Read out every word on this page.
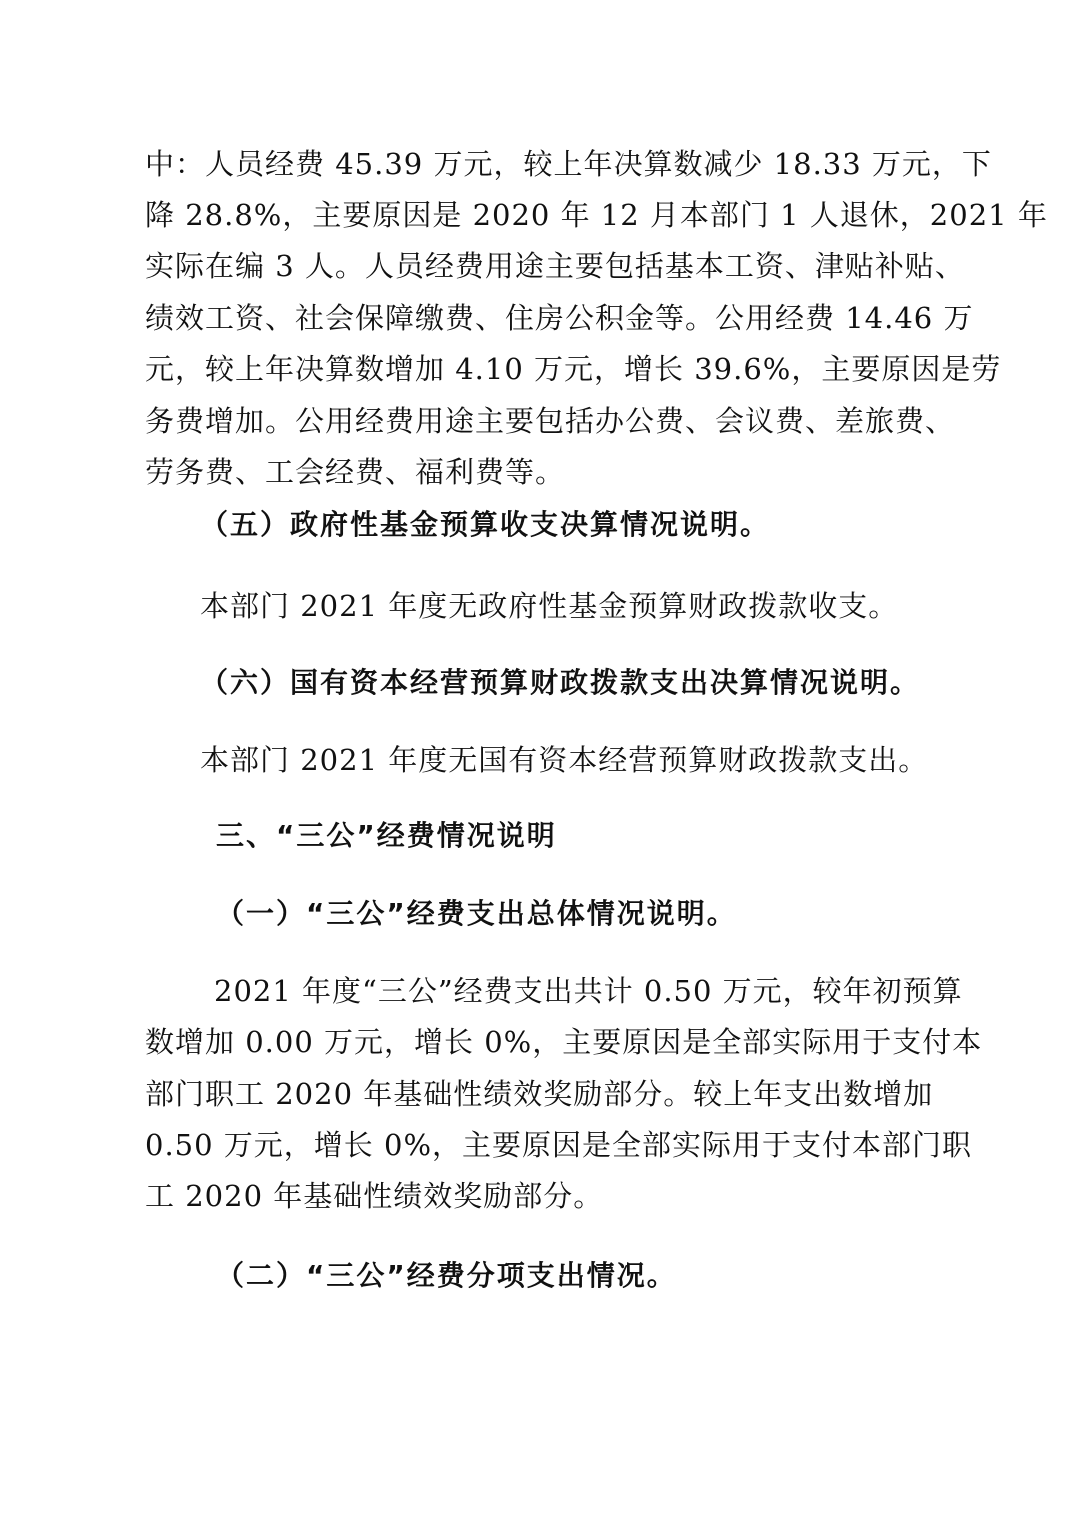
中：人员经费 45.39 万元，较上年决算数减少 18.33 万元，下
降 28.8%，主要原因是 2020 年 12 月本部门 1 人退休，2021 年
实际在编 3 人。人员经费用途主要包括基本工资、津贴补贴、
绩效工资、社会保障缴费、住房公积金等。公用经费 14.46 万
元，较上年决算数增加 4.10 万元，增长 39.6%，主要原因是劳
务费增加。公用经费用途主要包括办公费、会议费、差旅费、
劳务费、工会经费、福利费等。
（五）政府性基金预算收支决算情况说明。
本部门 2021 年度无政府性基金预算财政拨款收支。
（六）国有资本经营预算财政拨款支出决算情况说明。
本部门 2021 年度无国有资本经营预算财政拨款支出。
三、“三公”经费情况说明
（一）“三公”经费支出总体情况说明。
2021 年度“三公”经费支出共计 0.50 万元，较年初预算
数增加 0.00 万元，增长 0%，主要原因是全部实际用于支付本
部门职工 2020 年基础性绩效奖励部分。较上年支出数增加
0.50 万元，增长 0%，主要原因是全部实际用于支付本部门职
工 2020 年基础性绩效奖励部分。
（二）“三公”经费分项支出情况。
